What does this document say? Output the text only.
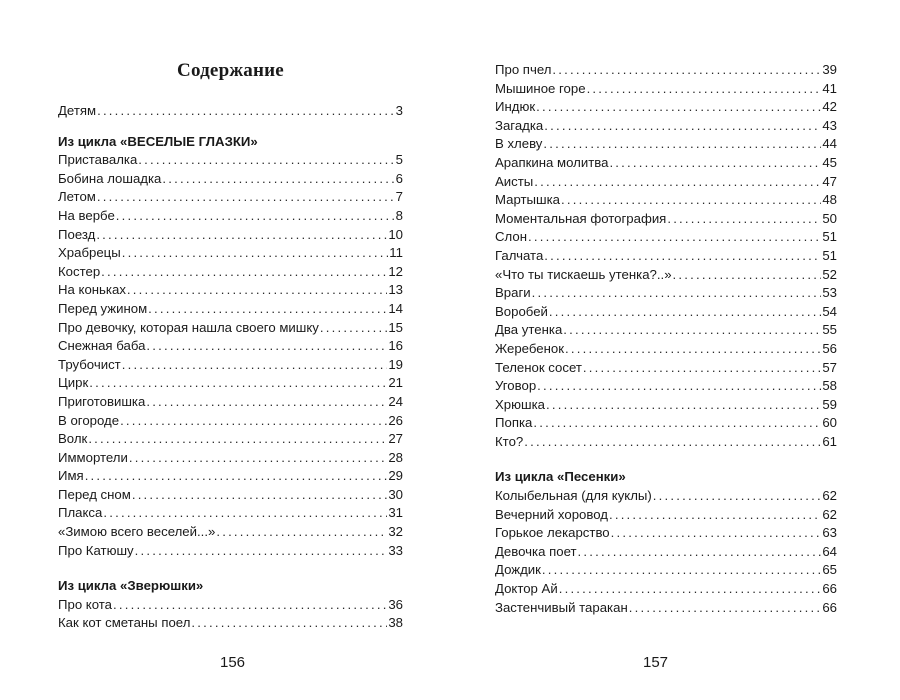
Содержание
Детям .....	3
Из цикла «ВЕСЕЛЫЕ ГЛАЗКИ»
Приставалка .....	5
Бобина лошадка .....	6
Летом .....	7
На вербе .....	8
Поезд .....	10
Храбрецы .....	11
Костер .....	12
На коньках .....	13
Перед ужином .....	14
Про девочку, которая нашла своего мишку .....	15
Снежная баба .....	16
Трубочист .....	19
Цирк .....	21
Приготовишка .....	24
В огороде .....	26
Волк .....	27
Иммортели .....	28
Имя .....	29
Перед сном .....	30
Плакса .....	31
«Зимою всего веселей...» .....	32
Про Катюшу .....	33
Из цикла «Зверюшки»
Про кота .....	36
Как кот сметаны поел .....	38
156
Про пчел .....	39
Мышиное горе .....	41
Индюк .....	42
Загадка .....	43
В хлеву .....	44
Арапкина молитва .....	45
Аисты .....	47
Мартышка .....	48
Моментальная фотография .....	50
Слон .....	51
Галчата .....	51
«Что ты тискаешь утенка?..» .....	52
Враги .....	53
Воробей .....	54
Два утенка .....	55
Жеребенок .....	56
Теленок сосет .....	57
Уговор .....	58
Хрюшка .....	59
Попка .....	60
Кто? .....	61
Из цикла «Песенки»
Колыбельная (для куклы) .....	62
Вечерний хоровод .....	62
Горькое лекарство .....	63
Девочка поет .....	64
Дождик .....	65
Доктор Ай .....	66
Застенчивый таракан .....	66
157
